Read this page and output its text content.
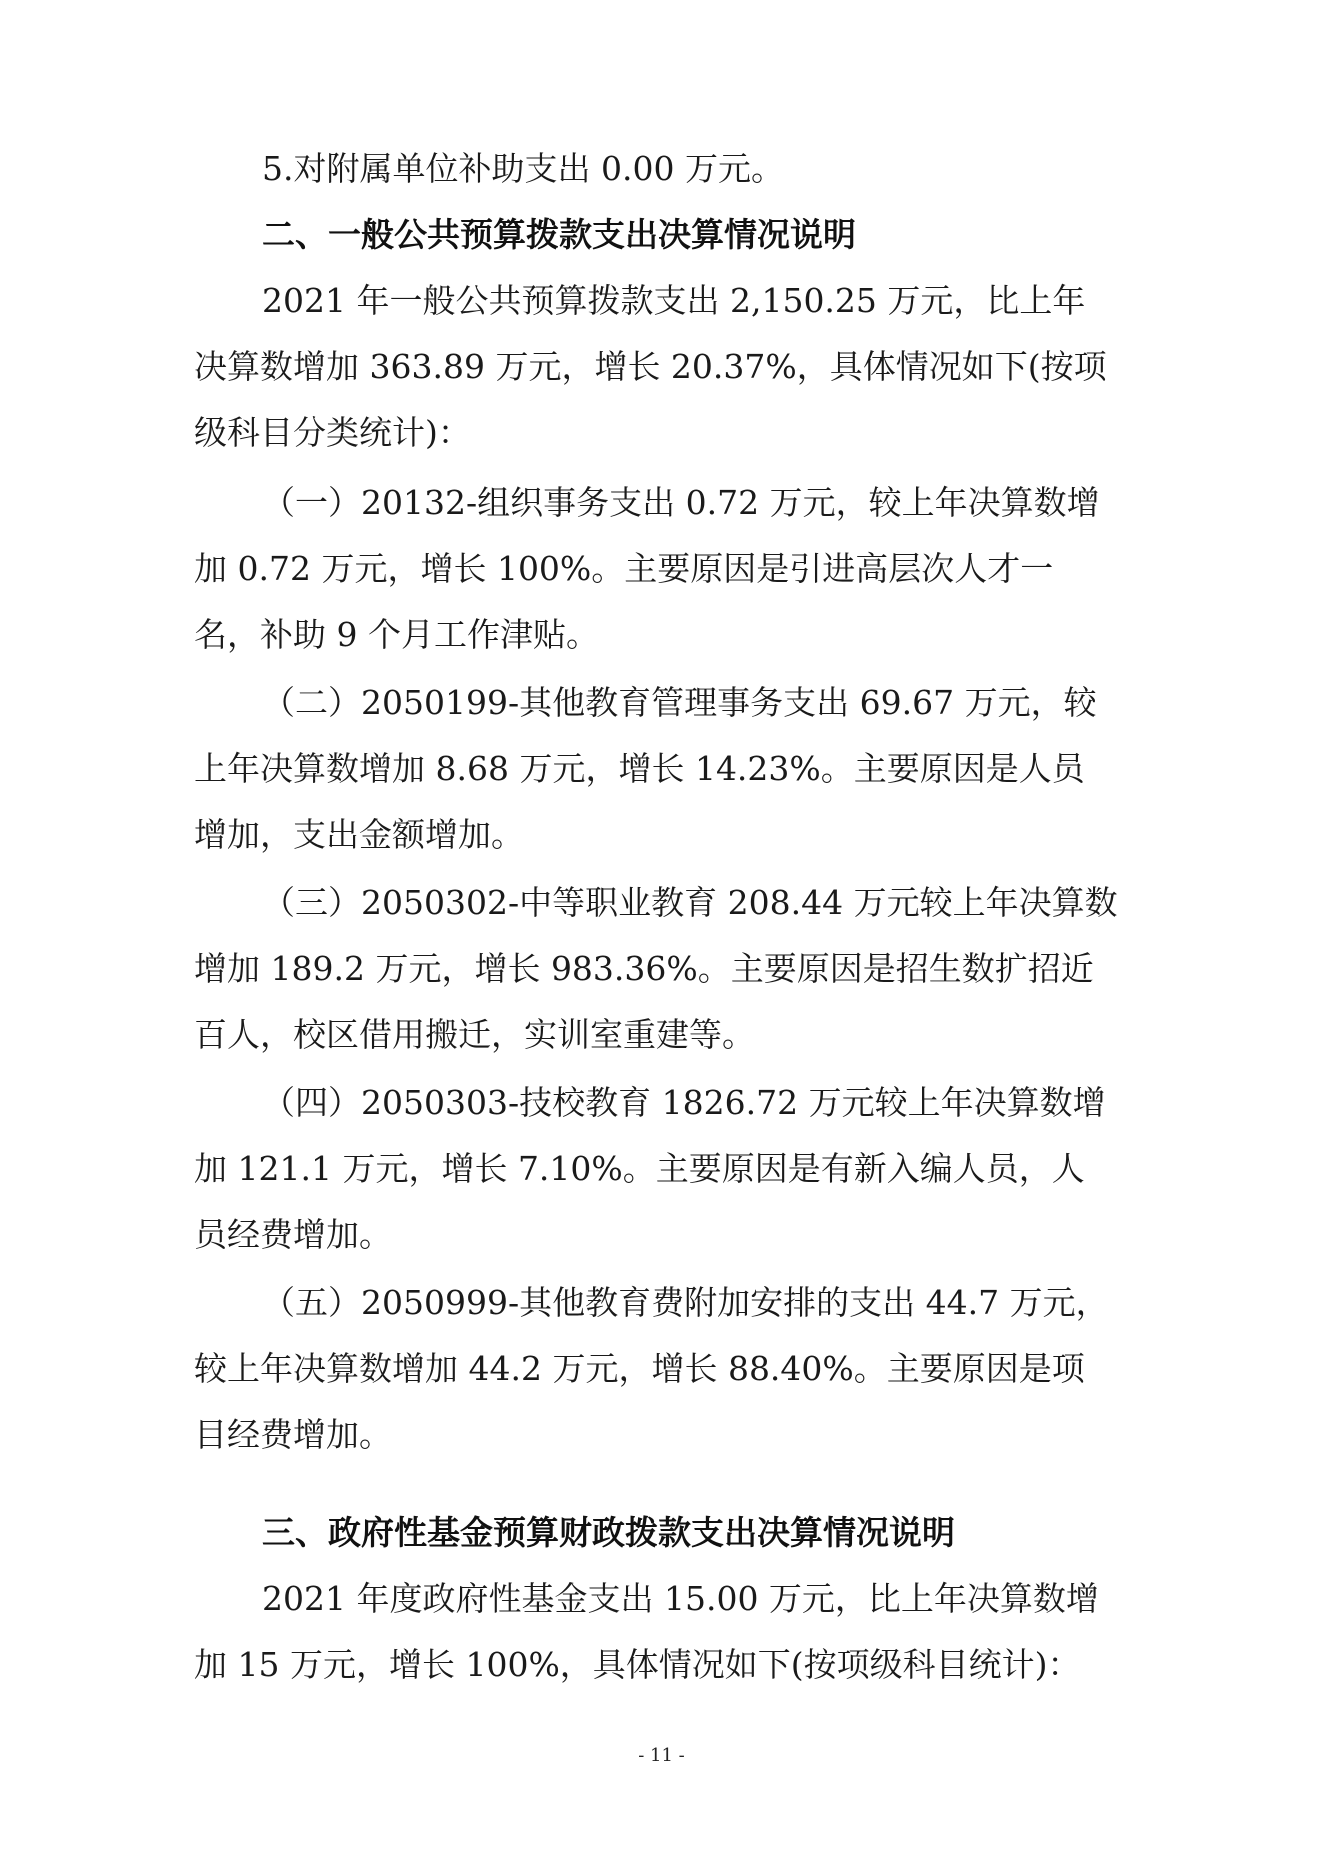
5.对附属单位补助支出 0.00 万元。
二、一般公共预算拨款支出决算情况说明
2021 年一般公共预算拨款支出 2,150.25 万元，比上年
决算数增加 363.89 万元，增长 20.37%，具体情况如下(按项
级科目分类统计)：
（一）20132-组织事务支出 0.72 万元，较上年决算数增
加 0.72 万元，增长 100%。主要原因是引进高层次人才一
名，补助 9 个月工作津贴。
（二）2050199-其他教育管理事务支出 69.67 万元，较
上年决算数增加 8.68 万元，增长 14.23%。主要原因是人员
增加，支出金额增加。
（三）2050302-中等职业教育 208.44 万元较上年决算数
增加 189.2 万元，增长 983.36%。主要原因是招生数扩招近
百人，校区借用搬迁，实训室重建等。
（四）2050303-技校教育 1826.72 万元较上年决算数增
加 121.1 万元，增长 7.10%。主要原因是有新入编人员，人
员经费增加。
（五）2050999-其他教育费附加安排的支出 44.7 万元，
较上年决算数增加 44.2 万元，增长 88.40%。主要原因是项
目经费增加。
三、政府性基金预算财政拨款支出决算情况说明
2021 年度政府性基金支出 15.00 万元，比上年决算数增
加 15 万元，增长 100%，具体情况如下(按项级科目统计)：
- 11 -
